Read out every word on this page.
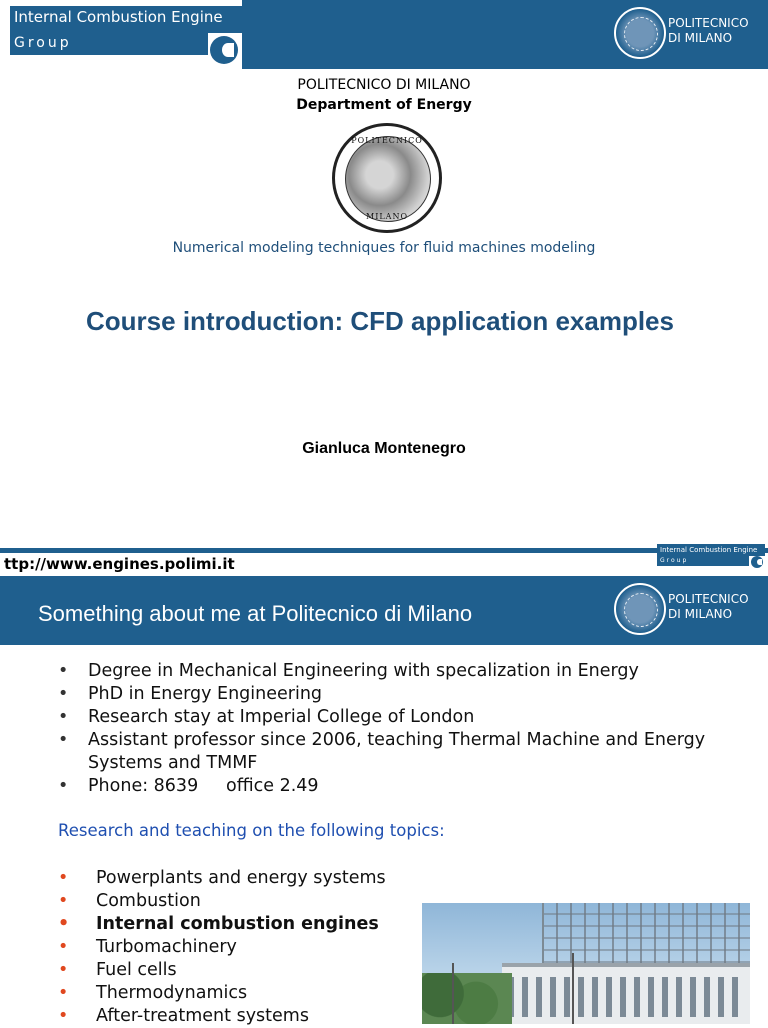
Internal Combustion Engine
Group
POLITECNICO
DI MILANO
POLITECNICO DI MILANO
Department of Energy
POLITECNICO
MILANO
Numerical modeling techniques for fluid machines modeling
Course introduction: CFD application examples
Gianluca Montenegro
ttp://www.engines.polimi.it
Internal Combustion Engine
Group
Something about me at Politecnico di Milano
POLITECNICO
DI MILANO
• Degree in Mechanical Engineering with specalization in Energy
• PhD in Energy Engineering
• Research stay at Imperial College of London
• Assistant professor since 2006, teaching Thermal Machine and Energy Systems and TMMF
• Phone: 8639     office 2.49
Research and teaching on the following topics:
• Powerplants and energy systems
• Combustion
• Internal combustion engines
• Turbomachinery
• Fuel cells
• Thermodynamics
• After-treatment systems
